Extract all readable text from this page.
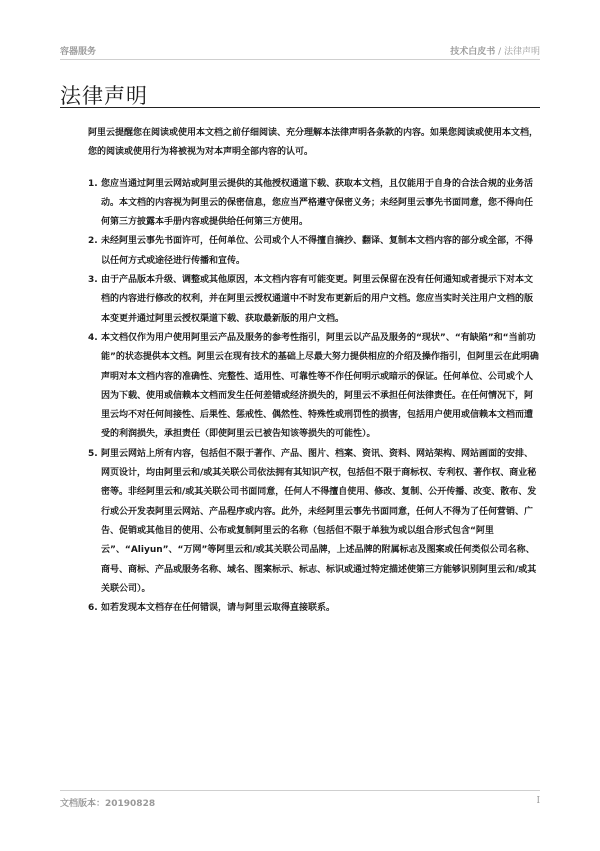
容器服务	技术白皮书 / 法律声明
法律声明

阿里云提醒您在阅读或使用本文档之前仔细阅读、充分理解本法律声明各条款的内容。如果您阅读或使用本文档，您的阅读或使用行为将被视为对本声明全部内容的认可。

1. 您应当通过阿里云网站或阿里云提供的其他授权通道下载、获取本文档，且仅能用于自身的合法合规的业务活动。本文档的内容视为阿里云的保密信息，您应当严格遵守保密义务；未经阿里云事先书面同意，您不得向任何第三方披露本手册内容或提供给任何第三方使用。
2. 未经阿里云事先书面许可，任何单位、公司或个人不得擅自摘抄、翻译、复制本文档内容的部分或全部，不得以任何方式或途径进行传播和宣传。
3. 由于产品版本升级、调整或其他原因，本文档内容有可能变更。阿里云保留在没有任何通知或者提示下对本文档的内容进行修改的权利，并在阿里云授权通道中不时发布更新后的用户文档。您应当实时关注用户文档的版本变更并通过阿里云授权渠道下载、获取最新版的用户文档。
4. 本文档仅作为用户使用阿里云产品及服务的参考性指引，阿里云以产品及服务的“现状”、“有缺陷”和“当前功能”的状态提供本文档。阿里云在现有技术的基础上尽最大努力提供相应的介绍及操作指引，但阿里云在此明确声明对本文档内容的准确性、完整性、适用性、可靠性等不作任何明示或暗示的保证。任何单位、公司或个人因为下载、使用或信赖本文档而发生任何差错或经济损失的，阿里云不承担任何法律责任。在任何情况下，阿里云均不对任何间接性、后果性、惩戒性、偶然性、特殊性或刑罚性的损害，包括用户使用或信赖本文档而遭受的利润损失，承担责任（即使阿里云已被告知该等损失的可能性）。
5. 阿里云网站上所有内容，包括但不限于著作、产品、图片、档案、资讯、资料、网站架构、网站画面的安排、网页设计，均由阿里云和/或其关联公司依法拥有其知识产权，包括但不限于商标权、专利权、著作权、商业秘密等。非经阿里云和/或其关联公司书面同意，任何人不得擅自使用、修改、复制、公开传播、改变、散布、发行或公开发表阿里云网站、产品程序或内容。此外，未经阿里云事先书面同意，任何人不得为了任何营销、广告、促销或其他目的使用、公布或复制阿里云的名称（包括但不限于单独为或以组合形式包含“阿里云”、“Aliyun”、“万网”等阿里云和/或其关联公司品牌，上述品牌的附属标志及图案或任何类似公司名称、商号、商标、产品或服务名称、域名、图案标示、标志、标识或通过特定描述使第三方能够识别阿里云和/或其关联公司）。
6. 如若发现本文档存在任何错误，请与阿里云取得直接联系。
文档版本：20190828	I
